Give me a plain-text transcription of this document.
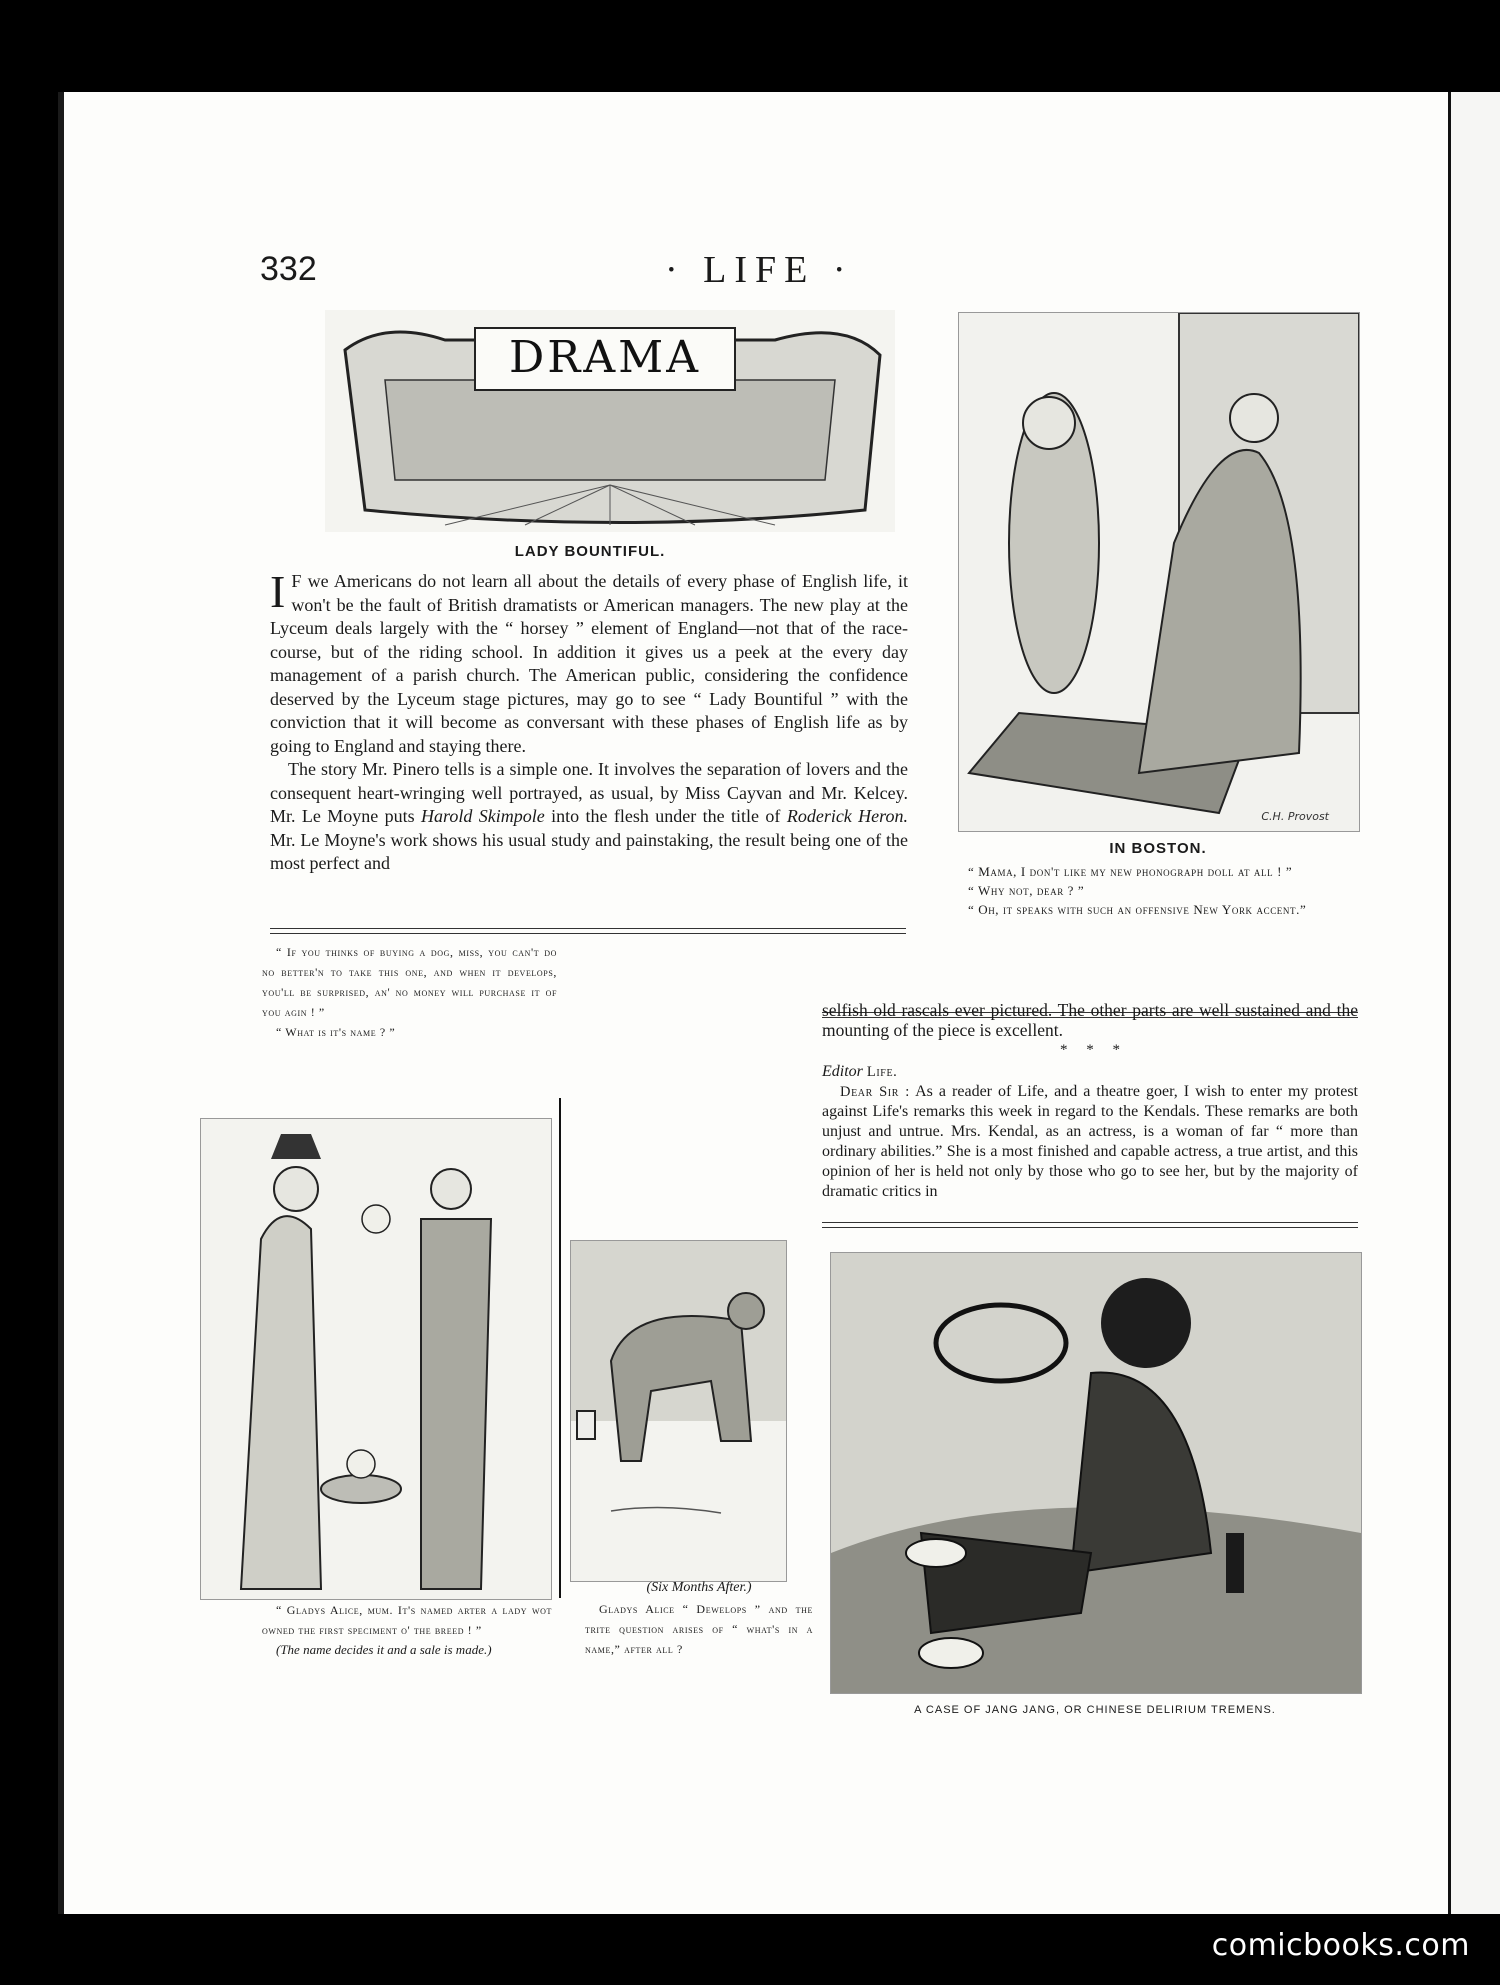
332	· LIFE ·
DRAMA
LADY BOUNTIFUL.
I F we Americans do not learn all about the details of every phase of English life, it won't be the fault of British dramatists or American managers. The new play at the Lyceum deals largely with the “ horsey ” element of England—not that of the race-course, but of the riding school. In addition it gives us a peek at the every day management of a parish church. The American public, considering the confidence deserved by the Lyceum stage pictures, may go to see “ Lady Bountiful ” with the conviction that it will become as conversant with these phases of English life as by going to England and staying there.

The story Mr. Pinero tells is a simple one. It involves the separation of lovers and the consequent heart-wringing well portrayed, as usual, by Miss Cayvan and Mr. Kelcey. Mr. Le Moyne puts Harold Skimpole into the flesh under the title of Roderick Heron. Mr. Le Moyne's work shows his usual study and painstaking, the result being one of the most perfect and

C.H. Provost
IN BOSTON.
“ Mama, I don't like my new phonograph doll at all ! ”
“ Why not, dear ? ”
“ Oh, it speaks with such an offensive New York accent.”
“ If you thinks of buying a dog, miss, you can't do no better'n to take this one, and when it develops, you'll be surprised, an' no money will purchase it of you agin ! ”
“ What is it's name ? ”
selfish old rascals ever pictured. The other parts are well sustained and the mounting of the piece is excellent.
*     *     *
Editor Life.
Dear Sir : As a reader of Life, and a theatre goer, I wish to enter my protest against Life's remarks this week in regard to the Kendals. These remarks are both unjust and untrue. Mrs. Kendal, as an actress, is a woman of far “ more than ordinary abilities.” She is a most finished and capable actress, a true artist, and this opinion of her is held not only by those who go to see her, but by the majority of dramatic critics in
“ Gladys Alice, mum. It's named arter a lady wot owned the first speciment o' the breed ! ”
(The name decides it and a sale is made.)
(Six Months After.)
Gladys Alice “ Dewelops ” and the trite question arises of “ what's in a name,” after all ?
A CASE OF JANG JANG, OR CHINESE DELIRIUM TREMENS.
comicbooks.com
